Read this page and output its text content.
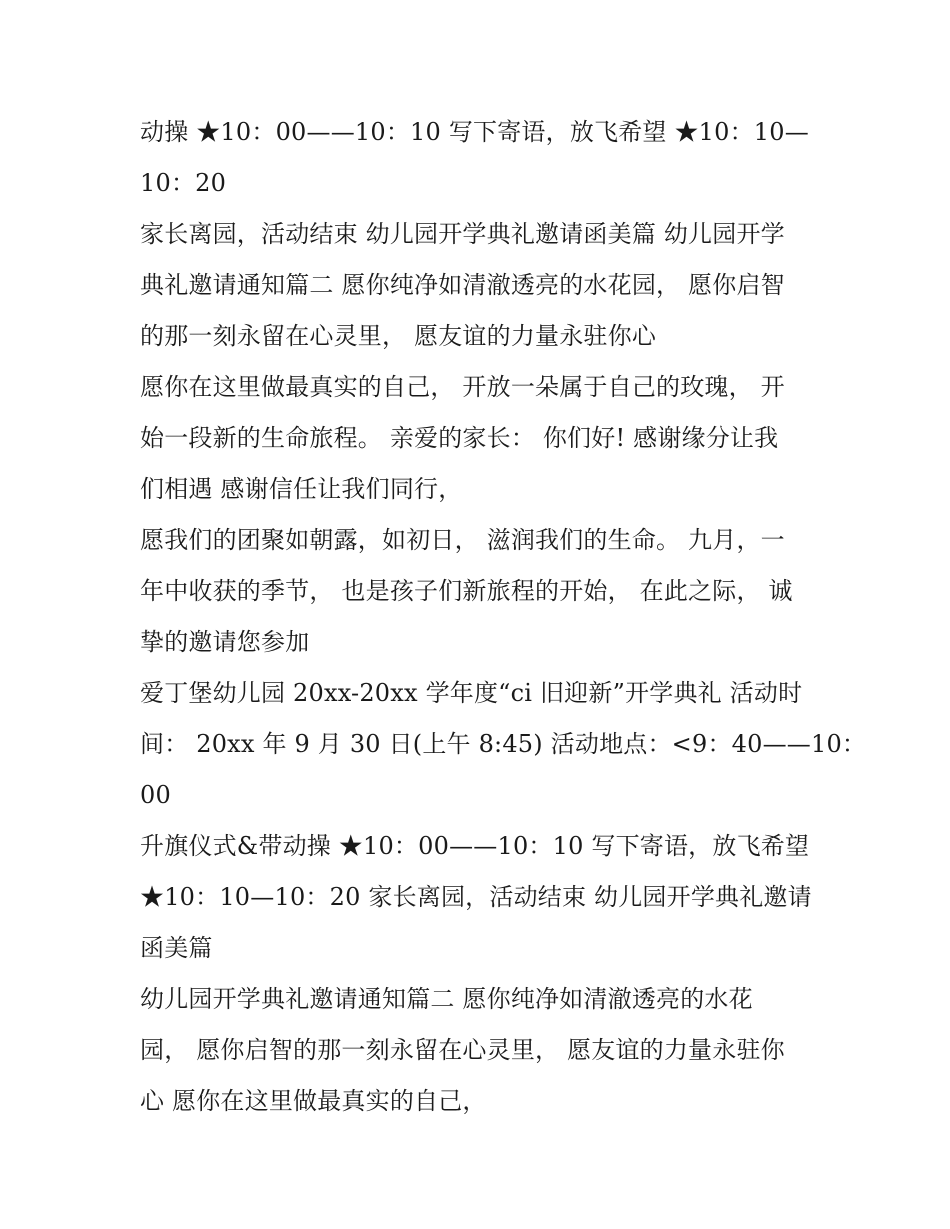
动操 ★10：00——10：10 写下寄语，放飞希望 ★10：10—
10：20
家长离园，活动结束 幼儿园开学典礼邀请函美篇 幼儿园开学
典礼邀请通知篇二 愿你纯净如清澈透亮的水花园， 愿你启智
的那一刻永留在心灵里， 愿友谊的力量永驻你心
愿你在这里做最真实的自己， 开放一朵属于自己的玫瑰， 开
始一段新的生命旅程。 亲爱的家长： 你们好! 感谢缘分让我
们相遇 感谢信任让我们同行，
愿我们的团聚如朝露，如初日， 滋润我们的生命。 九月，一
年中收获的季节， 也是孩子们新旅程的开始， 在此之际， 诚
挚的邀请您参加
爱丁堡幼儿园 20xx-20xx 学年度“ci 旧迎新”开学典礼 活动时
间： 20xx 年 9 月 30 日(上午 8:45) 活动地点：<9：40——10：
00
升旗仪式&带动操 ★10：00——10：10 写下寄语，放飞希望
★10：10—10：20 家长离园，活动结束 幼儿园开学典礼邀请
函美篇
幼儿园开学典礼邀请通知篇二 愿你纯净如清澈透亮的水花
园， 愿你启智的那一刻永留在心灵里， 愿友谊的力量永驻你
心 愿你在这里做最真实的自己，
